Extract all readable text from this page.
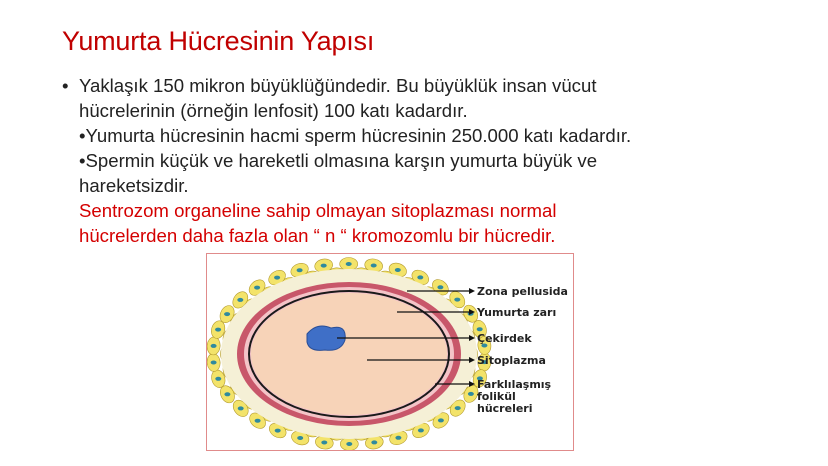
Yumurta Hücresinin Yapısı
• Yaklaşık 150 mikron büyüklüğündedir. Bu büyüklük insan vücut
hücrelerinin (örneğin lenfosit) 100 katı kadardır.
•Yumurta hücresinin hacmi sperm hücresinin 250.000 katı kadardır.
•Spermin küçük ve hareketli olmasına karşın yumurta büyük ve
hareketsizdir.
Sentrozom organeline sahip olmayan sitoplazması normal
hücrelerden daha fazla olan “ n “ kromozomlu bir hücredir.
Zona pellusida
Yumurta zarı
Çekirdek
Sitoplazma
Farklılaşmış
folikül
hücreleri
